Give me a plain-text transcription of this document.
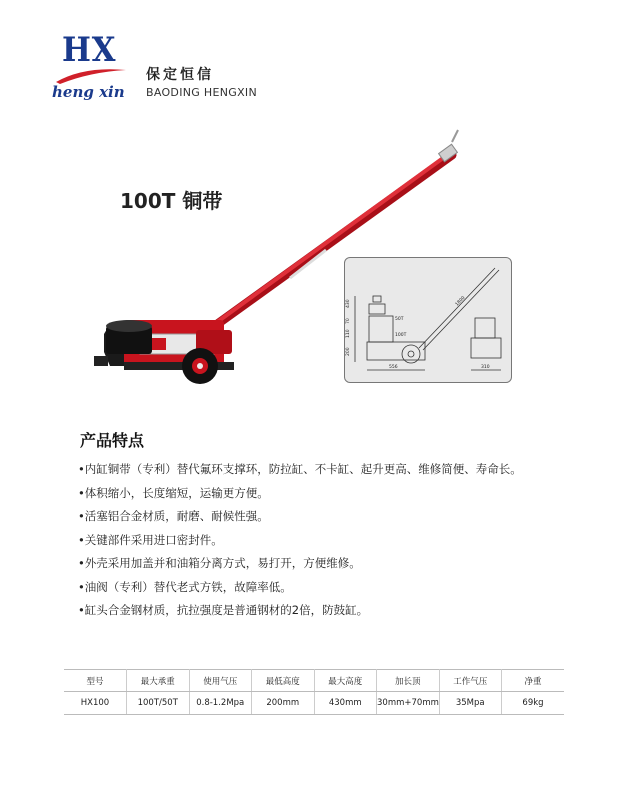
HX
heng xin
保定恒信
BAODING HENGXIN
100T 铜带
50T
100T
430
70
110
200
1800
556	310
产品特点
•内缸铜带（专利）替代氟环支撑环，防拉缸、不卡缸、起升更高、维修简便、寿命长。
•体积缩小，长度缩短，运输更方便。
•活塞铝合金材质，耐磨、耐候性强。
•关键部件采用进口密封件。
•外壳采用加盖并和油箱分离方式，易打开，方便维修。
•油阀（专利）替代老式方铁，故障率低。
•缸头合金钢材质，抗拉强度是普通钢材的2倍，防鼓缸。
型号	最大承重	使用气压	最低高度	最大高度	加长顶	工作气压	净重
HX100	100T/50T	0.8-1.2Mpa	200mm	430mm	30mm+70mm	35Mpa	69kg
